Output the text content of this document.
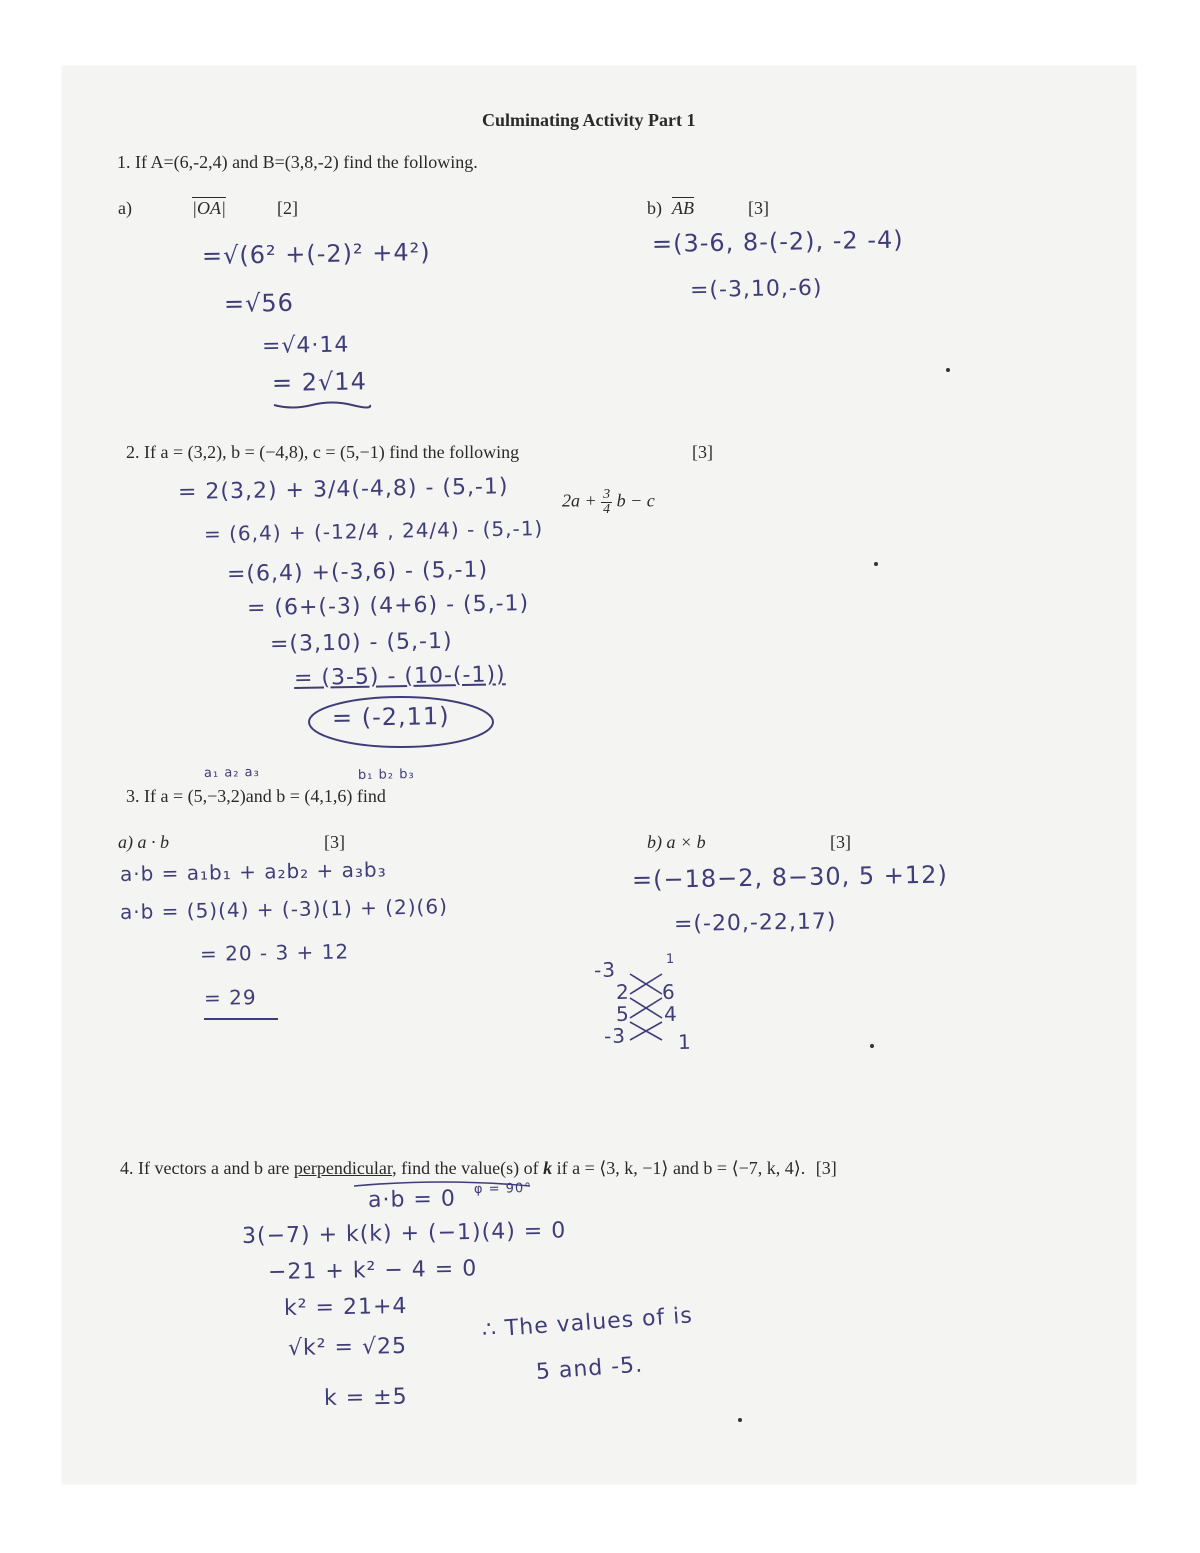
Culminating Activity Part 1
1. If A=(6,-2,4) and B=(3,8,-2) find the following.
a)	|OA|	[2]
=√(6² +(-2)² +4²)
=√56
=√4·14
= 2√14
b) $\overline{AB}$	[3]
=(3-6, 8-(-2), -2 -4)
=(-3,10,-6)
2. If a = (3,2), b = (−4,8), c = (5,−1) find the following	[3]
$2a + \frac{3}{4}$ b − c
= 2(3,2) + 3/4(-4,8) - (5,-1)
= (6,4) + (-12/4 , 24/4) - (5,-1)
=(6,4) +(-3,6) - (5,-1)
= (6+(-3) (4+6) - (5,-1)
=(3,10) - (5,-1)
= (3-5) - (10-(-1))
= (-2,11)
a₁ a₂ a₃	b₁ b₂ b₃
3. If a = (5,−3,2)and b = (4,1,6) find
a) a · b	[3]
a·b = a₁b₁ + a₂b₂ + a₃b₃
a·b = (5)(4) + (-3)(1) + (2)(6)
= 20 - 3 + 12
= 29
b) a × b	[3]
=(−18−2, 8−30, 5 +12)
=(-20,-22,17)
-3	1
2 6
5 4
-3	1
4. If vectors a and b are perpendicular, find the value(s) of k if a = ⟨3, k, −1⟩ and b = ⟨−7, k, 4⟩. [3]
a·b = 0 φ = 90°
3(−7) + k(k) + (−1)(4) = 0
−21 + k² − 4 = 0
k² = 21+4
√k² = √25
k = ±5
∴ The values of is
5 and -5.
